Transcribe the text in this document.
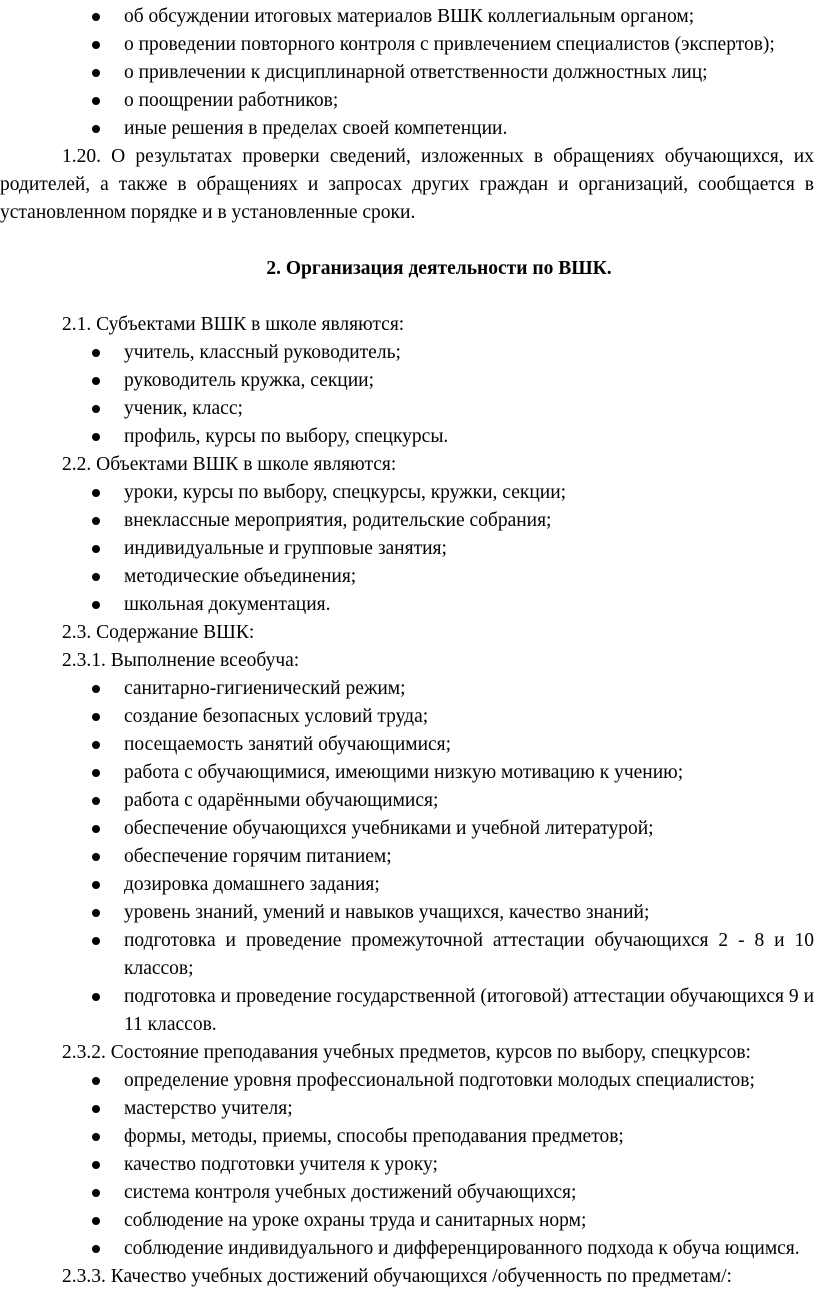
об обсуждении итоговых материалов ВШК коллегиальным органом;
о проведении повторного контроля с привлечением специалистов (экспертов);
о привлечении к дисциплинарной ответственности должностных лиц;
о поощрении работников;
иные решения в пределах своей компетенции.
1.20. О результатах проверки сведений, изложенных в обращениях обучающихся, их родителей, а также в обращениях и запросах других граждан и организаций, сообщается в установленном порядке и в установленные сроки.
2. Организация деятельности по ВШК.
2.1. Субъектами ВШК в школе являются:
учитель, классный руководитель;
руководитель кружка, секции;
ученик, класс;
профиль, курсы по выбору, спецкурсы.
2.2. Объектами ВШК в школе являются:
уроки, курсы по выбору, спецкурсы, кружки, секции;
внеклассные мероприятия, родительские собрания;
индивидуальные и групповые занятия;
методические объединения;
школьная документация.
2.3. Содержание ВШК:
2.3.1. Выполнение всеобуча:
санитарно-гигиенический режим;
создание безопасных условий труда;
посещаемость занятий обучающимися;
работа с обучающимися, имеющими низкую мотивацию к учению;
работа с одарёнными обучающимися;
обеспечение обучающихся учебниками и учебной литературой;
обеспечение горячим питанием;
дозировка домашнего задания;
уровень знаний, умений и навыков учащихся, качество знаний;
подготовка и проведение промежуточной аттестации обучающихся 2 - 8 и 10 классов;
подготовка и проведение государственной (итоговой) аттестации обучающихся 9 и 11 классов.
2.3.2. Состояние преподавания учебных предметов, курсов по выбору, спецкурсов:
определение уровня профессиональной подготовки молодых специалистов;
мастерство учителя;
формы, методы, приемы, способы преподавания предметов;
качество подготовки учителя к уроку;
система контроля учебных достижений обучающихся;
соблюдение на уроке охраны труда и санитарных норм;
соблюдение индивидуального и дифференцированного подхода к обуча ющимся.
2.3.3. Качество учебных достижений обучающихся /обученность по предметам/:
